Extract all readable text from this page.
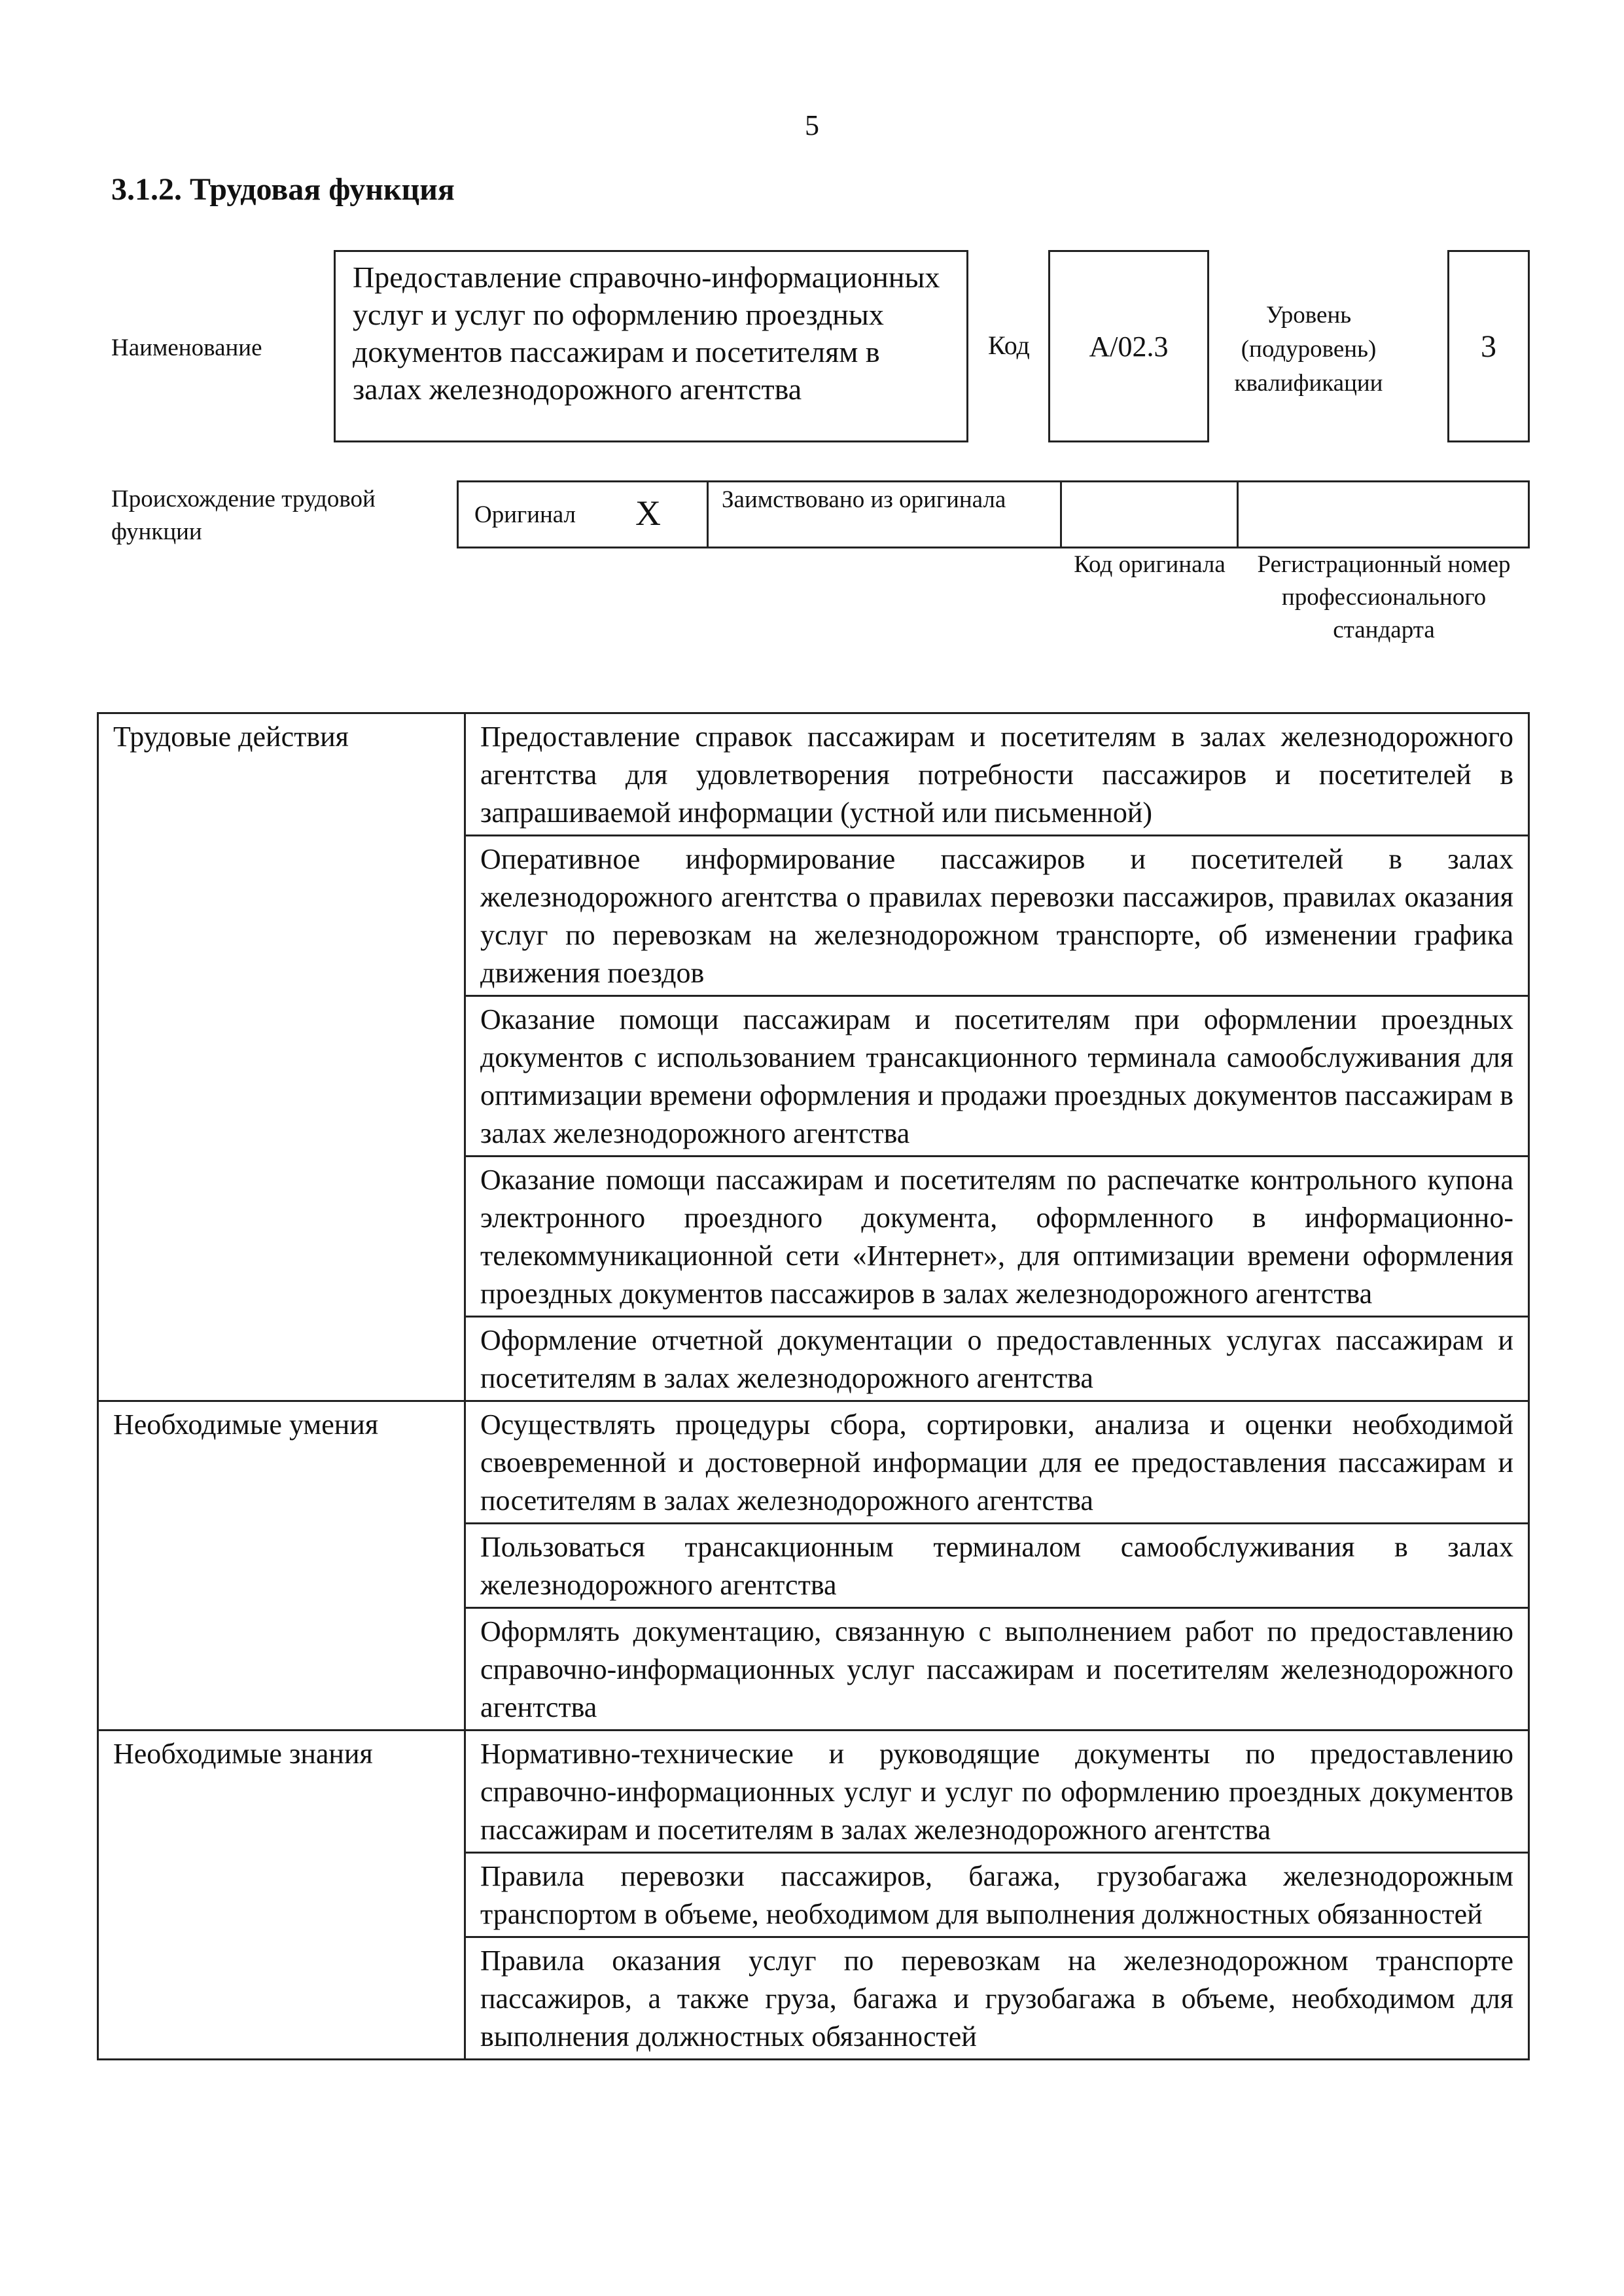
5
3.1.2. Трудовая функция
Наименование
Предоставление справочно-информационных услуг и услуг по оформлению проездных документов пассажирам и посетителям в залах железнодорожного агентства
Код	A/02.3
Уровень (подуровень) квалификации
3
Происхождение трудовой функции
Оригинал X	Заимствовано из оригинала
Код оригинала	Регистрационный номер профессионального стандарта
Трудовые действия	Предоставление справок пассажирам и посетителям в залах железнодорожного агентства для удовлетворения потребности пассажиров и посетителей в запрашиваемой информации (устной или письменной)
	Оперативное информирование пассажиров и посетителей в залах железнодорожного агентства о правилах перевозки пассажиров, правилах оказания услуг по перевозкам на железнодорожном транспорте, об изменении графика движения поездов
	Оказание помощи пассажирам и посетителям при оформлении проездных документов с использованием трансакционного терминала самообслуживания для оптимизации времени оформления и продажи проездных документов пассажирам в залах железнодорожного агентства
	Оказание помощи пассажирам и посетителям по распечатке контрольного купона электронного проездного документа, оформленного в информационно-телекоммуникационной сети «Интернет», для оптимизации времени оформления проездных документов пассажиров в залах железнодорожного агентства
	Оформление отчетной документации о предоставленных услугах пассажирам и посетителям в залах железнодорожного агентства
Необходимые умения	Осуществлять процедуры сбора, сортировки, анализа и оценки необходимой своевременной и достоверной информации для ее предоставления пассажирам и посетителям в залах железнодорожного агентства
	Пользоваться трансакционным терминалом самообслуживания в залах железнодорожного агентства
	Оформлять документацию, связанную с выполнением работ по предоставлению справочно-информационных услуг пассажирам и посетителям железнодорожного агентства
Необходимые знания	Нормативно-технические и руководящие документы по предоставлению справочно-информационных услуг и услуг по оформлению проездных документов пассажирам и посетителям в залах железнодорожного агентства
	Правила перевозки пассажиров, багажа, грузобагажа железнодорожным транспортом в объеме, необходимом для выполнения должностных обязанностей
	Правила оказания услуг по перевозкам на железнодорожном транспорте пассажиров, а также груза, багажа и грузобагажа в объеме, необходимом для выполнения должностных обязанностей
